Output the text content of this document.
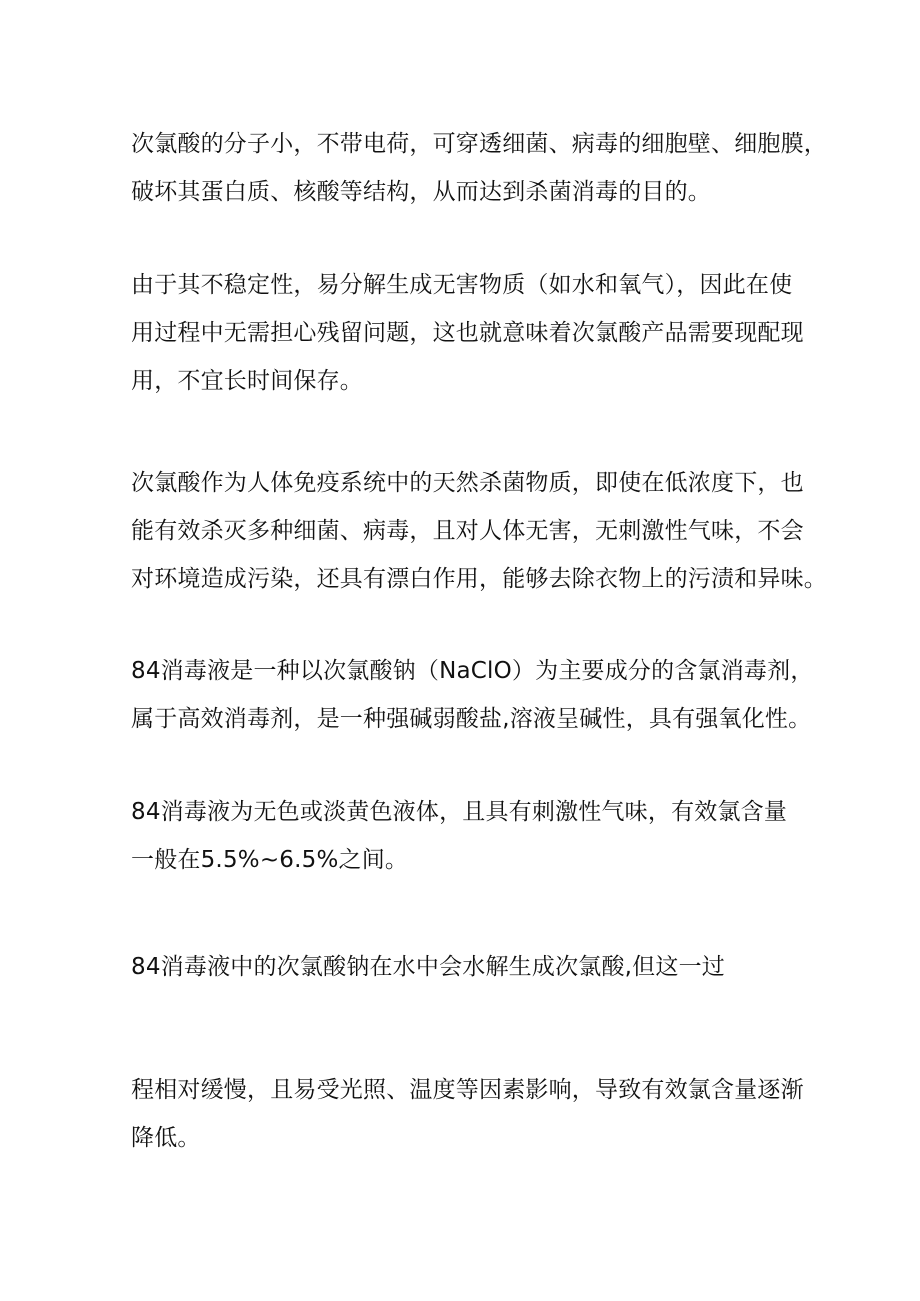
次氯酸的分子小，不带电荷，可穿透细菌、病毒的细胞壁、细胞膜，
破坏其蛋白质、核酸等结构，从而达到杀菌消毒的目的。
由于其不稳定性，易分解生成无害物质（如水和氧气），因此在使
用过程中无需担心残留问题，这也就意味着次氯酸产品需要现配现
用，不宜长时间保存。
次氯酸作为人体免疫系统中的天然杀菌物质，即使在低浓度下，也
能有效杀灭多种细菌、病毒，且对人体无害，无刺激性气味，不会
对环境造成污染，还具有漂白作用，能够去除衣物上的污渍和异味。
84消毒液是一种以次氯酸钠（NaClO）为主要成分的含氯消毒剂，
属于高效消毒剂，是一种强碱弱酸盐,溶液呈碱性，具有强氧化性。
84消毒液为无色或淡黄色液体，且具有刺激性气味，有效氯含量
一般在5.5%~6.5%之间。
84消毒液中的次氯酸钠在水中会水解生成次氯酸,但这一过
程相对缓慢，且易受光照、温度等因素影响，导致有效氯含量逐渐
降低。
